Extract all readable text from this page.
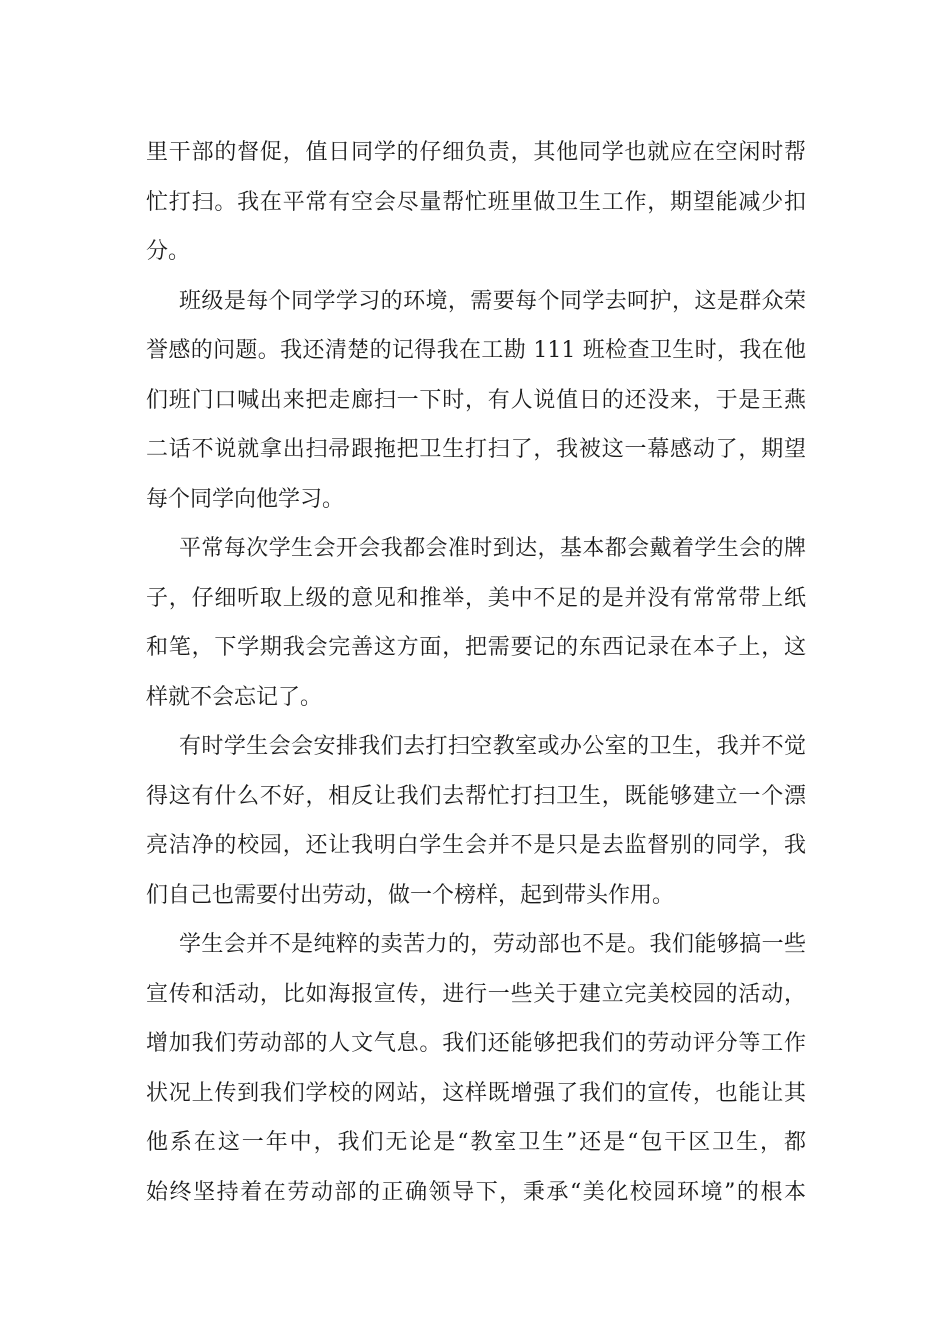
里干部的督促，值日同学的仔细负责，其他同学也就应在空闲时帮
忙打扫。我在平常有空会尽量帮忙班里做卫生工作，期望能减少扣
分。
班级是每个同学学习的环境，需要每个同学去呵护，这是群众荣
誉感的问题。我还清楚的记得我在工勘 111 班检查卫生时，我在他
们班门口喊出来把走廊扫一下时，有人说值日的还没来，于是王燕
二话不说就拿出扫帚跟拖把卫生打扫了，我被这一幕感动了，期望
每个同学向他学习。
平常每次学生会开会我都会准时到达，基本都会戴着学生会的牌
子，仔细听取上级的意见和推举，美中不足的是并没有常常带上纸
和笔，下学期我会完善这方面，把需要记的东西记录在本子上，这
样就不会忘记了。
有时学生会会安排我们去打扫空教室或办公室的卫生，我并不觉
得这有什么不好，相反让我们去帮忙打扫卫生，既能够建立一个漂
亮洁净的校园，还让我明白学生会并不是只是去监督别的同学，我
们自己也需要付出劳动，做一个榜样，起到带头作用。
学生会并不是纯粹的卖苦力的，劳动部也不是。我们能够搞一些
宣传和活动，比如海报宣传，进行一些关于建立完美校园的活动，
增加我们劳动部的人文气息。我们还能够把我们的劳动评分等工作
状况上传到我们学校的网站，这样既增强了我们的宣传，也能让其
他系在这一年中，我们无论是“教室卫生”还是“包干区卫生，都
始终坚持着在劳动部的正确领导下，秉承“美化校园环境”的根本
